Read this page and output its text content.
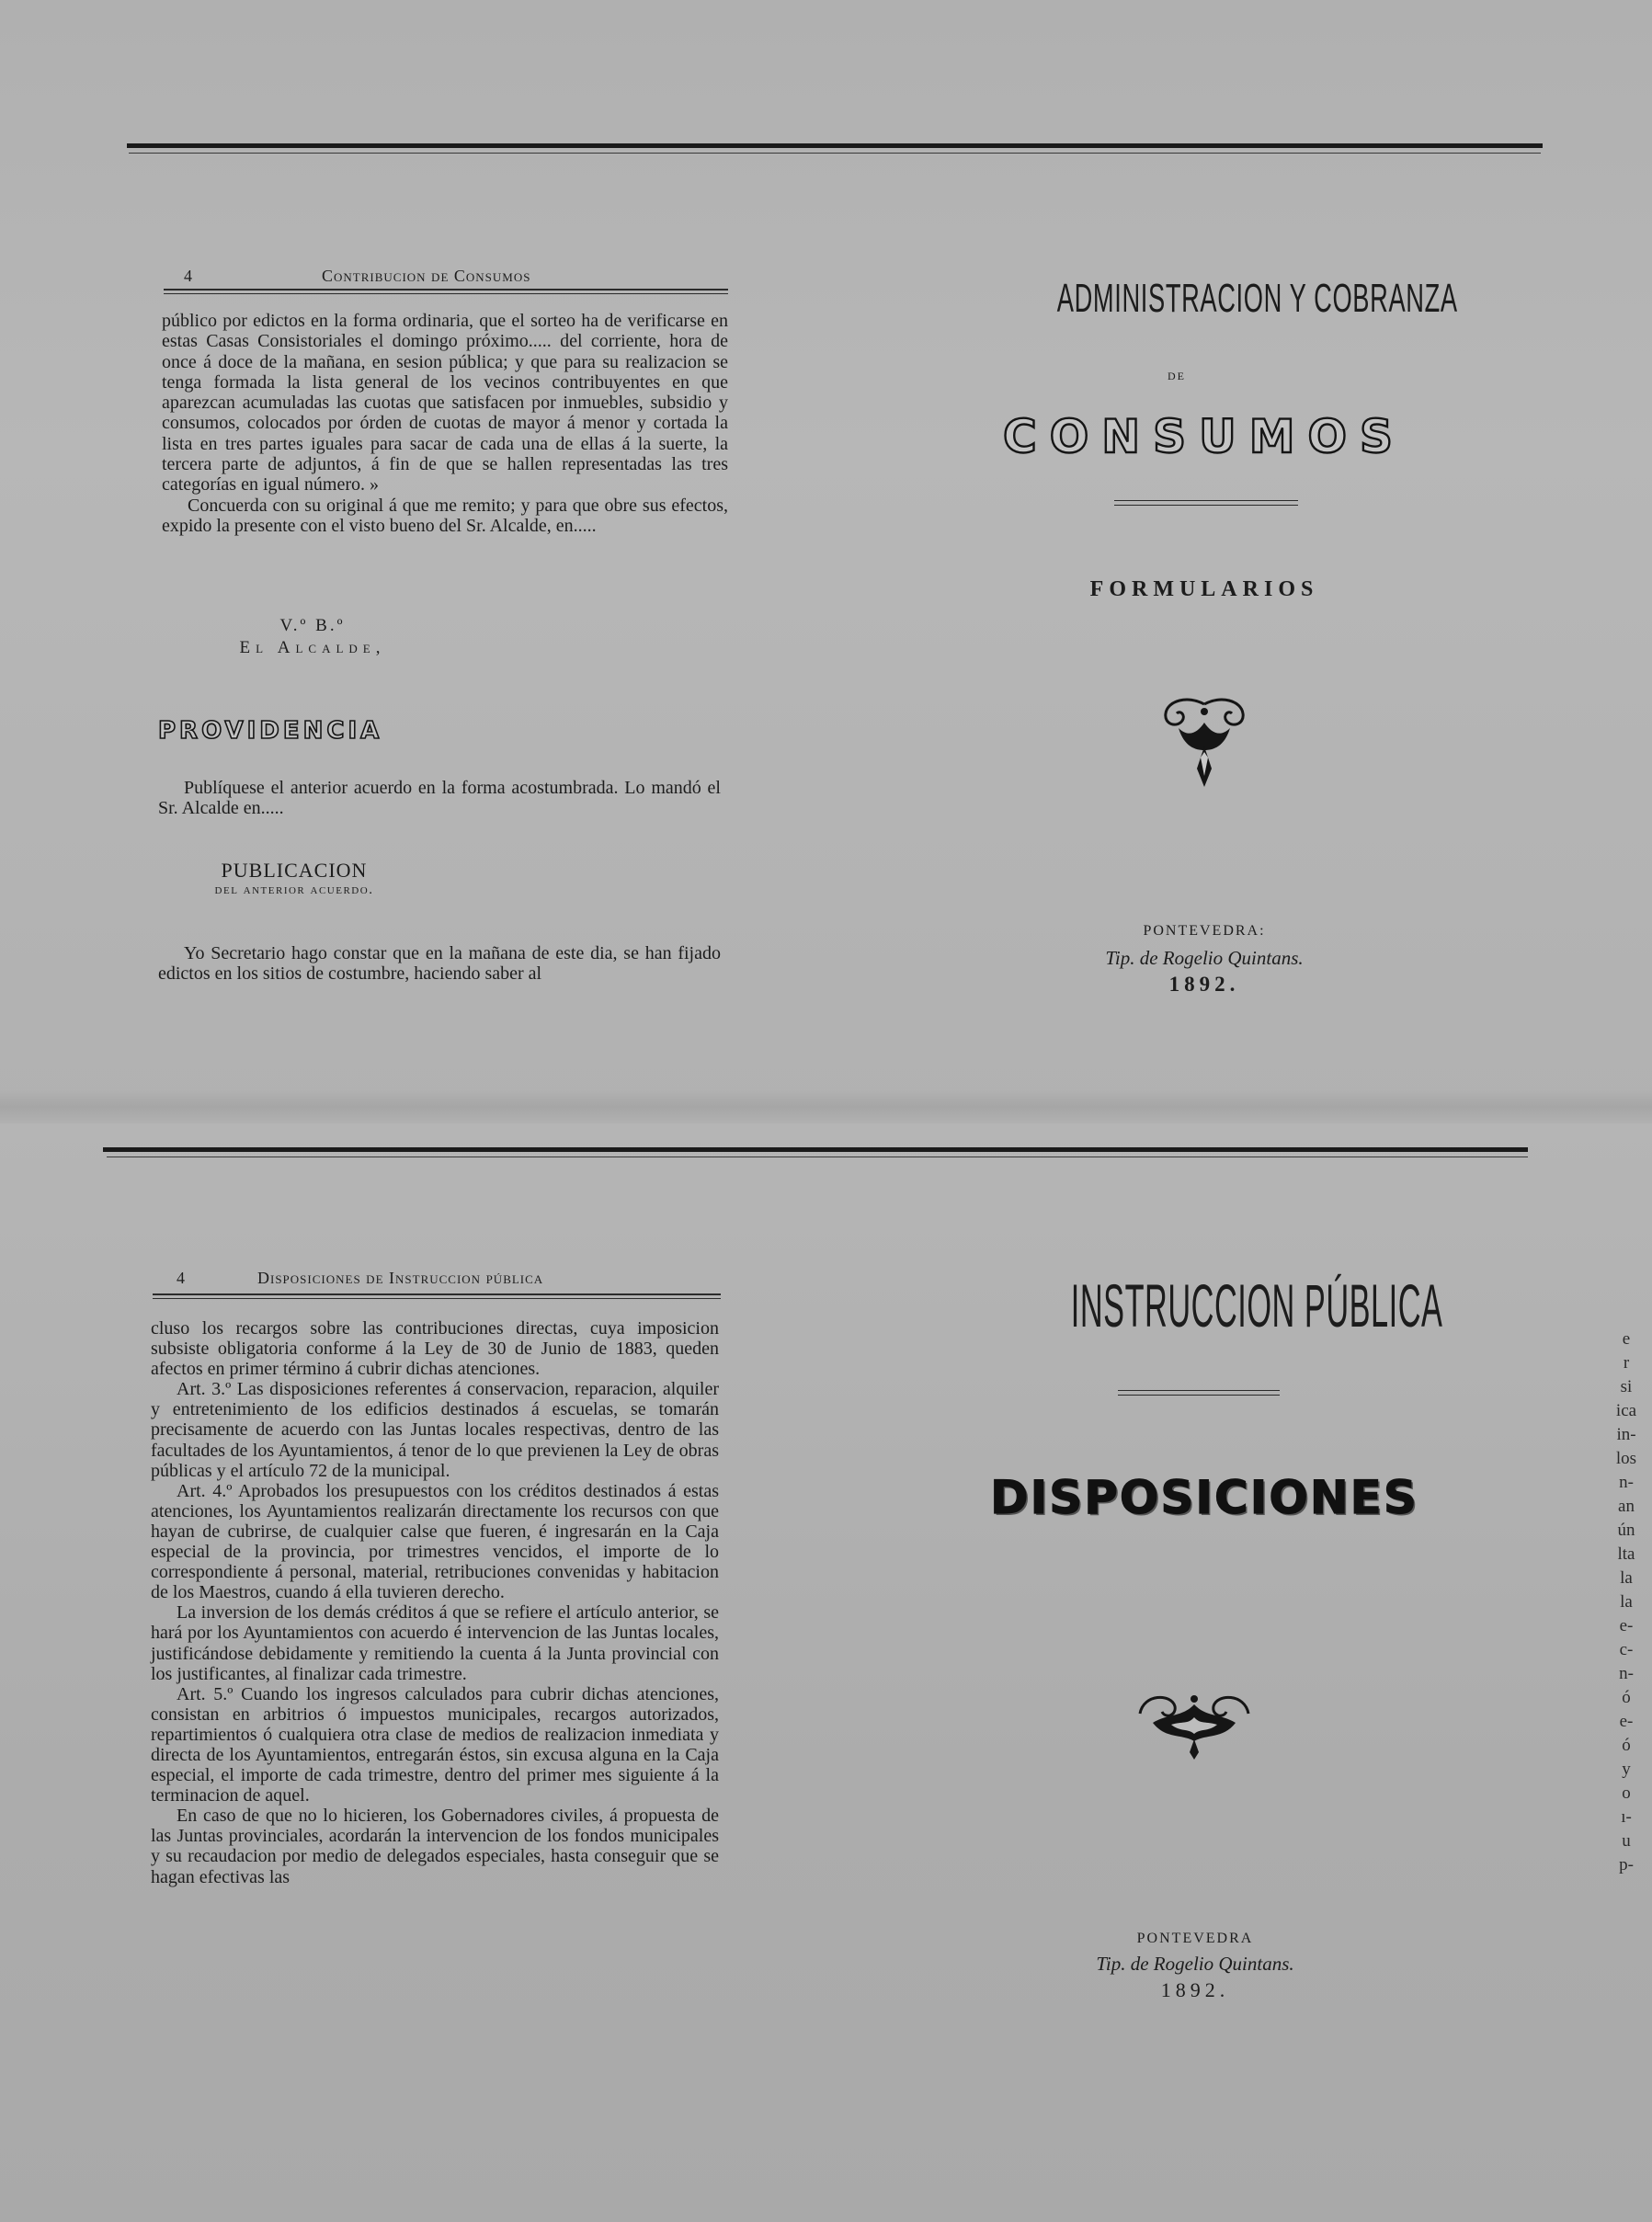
4	Contribucion de Consumos

público por edictos en la forma ordinaria, que el sorteo ha de verificarse en estas Casas Consistoriales el domingo próximo..... del corriente, hora de once á doce de la mañana, en sesion pública; y que para su realizacion se tenga formada la lista general de los vecinos contribuyentes en que aparezcan acumuladas las cuotas que satisfacen por inmuebles, subsidio y consumos, colocados por órden de cuotas de mayor á menor y cortada la lista en tres partes iguales para sacar de cada una de ellas á la suerte, la tercera parte de adjuntos, á fin de que se hallen representadas las tres categorías en igual número. »

Concuerda con su original á que me remito; y para que obre sus efectos, expido la presente con el visto bueno del Sr. Alcalde, en.....

V.º B.º
El Alcalde,
PROVIDENCIA

Publíquese el anterior acuerdo en la forma acostumbrada. Lo mandó el Sr. Alcalde en.....

PUBLICACION
del anterior acuerdo.

Yo Secretario hago constar que en la mañana de este dia, se han fijado edictos en los sitios de costumbre, haciendo saber al

ADMINISTRACION Y COBRANZA
DE
CONSUMOS
FORMULARIOS
PONTEVEDRA:
Tip. de Rogelio Quintans.
1892.
4	Disposiciones de Instruccion pública

cluso los recargos sobre las contribuciones directas, cuya imposicion subsiste obligatoria conforme á la Ley de 30 de Junio de 1883, queden afectos en primer término á cubrir dichas atenciones.

Art. 3.º Las disposiciones referentes á conservacion, reparacion, alquiler y entretenimiento de los edificios destinados á escuelas, se tomarán precisamente de acuerdo con las Juntas locales respectivas, dentro de las facultades de los Ayuntamientos, á tenor de lo que previenen la Ley de obras públicas y el artículo 72 de la municipal.

Art. 4.º Aprobados los presupuestos con los créditos destinados á estas atenciones, los Ayuntamientos realizarán directamente los recursos con que hayan de cubrirse, de cualquier calse que fueren, é ingresarán en la Caja especial de la provincia, por trimestres vencidos, el importe de lo correspondiente á personal, material, retribuciones convenidas y habitacion de los Maestros, cuando á ella tuvieren derecho.

La inversion de los demás créditos á que se refiere el artículo anterior, se hará por los Ayuntamientos con acuerdo é intervencion de las Juntas locales, justificándose debidamente y remitiendo la cuenta á la Junta provincial con los justificantes, al finalizar cada trimestre.

Art. 5.º Cuando los ingresos calculados para cubrir dichas atenciones, consistan en arbitrios ó impuestos municipales, recargos autorizados, repartimientos ó cualquiera otra clase de medios de realizacion inmediata y directa de los Ayuntamientos, entregarán éstos, sin excusa alguna en la Caja especial, el importe de cada trimestre, dentro del primer mes siguiente á la terminacion de aquel.

En caso de que no lo hicieren, los Gobernadores civiles, á propuesta de las Juntas provinciales, acordarán la intervencion de los fondos municipales y su recaudacion por medio de delegados especiales, hasta conseguir que se hagan efectivas las

INSTRUCCION PÚBLICA
DISPOSICIONES
PONTEVEDRA
Tip. de Rogelio Quintans.
1892.
e
r
si
ica
in-
los
n-
an
ún
lta
la
la
e-
c-
n-
ó
e-
ó
y
o
ı-
u
p-
